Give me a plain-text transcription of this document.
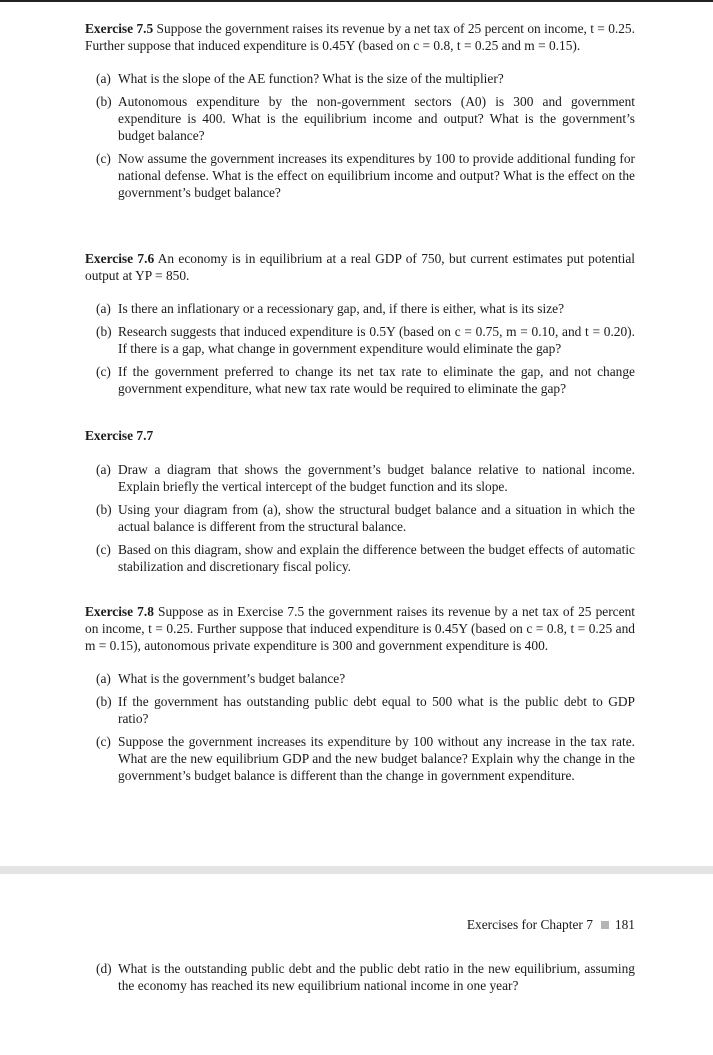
Exercise 7.5 Suppose the government raises its revenue by a net tax of 25 percent on income, t = 0.25. Further suppose that induced expenditure is 0.45Y (based on c = 0.8, t = 0.25 and m = 0.15).

(a) What is the slope of the AE function? What is the size of the multiplier?
(b) Autonomous expenditure by the non-government sectors (A0) is 300 and government expenditure is 400. What is the equilibrium income and output? What is the government’s budget balance?
(c) Now assume the government increases its expenditures by 100 to provide additional funding for national defense. What is the effect on equilibrium income and output? What is the effect on the government’s budget balance?

Exercise 7.6 An economy is in equilibrium at a real GDP of 750, but current estimates put potential output at YP = 850.

(a) Is there an inflationary or a recessionary gap, and, if there is either, what is its size?
(b) Research suggests that induced expenditure is 0.5Y (based on c = 0.75, m = 0.10, and t = 0.20). If there is a gap, what change in government expenditure would eliminate the gap?
(c) If the government preferred to change its net tax rate to eliminate the gap, and not change government expenditure, what new tax rate would be required to eliminate the gap?

Exercise 7.7

(a) Draw a diagram that shows the government’s budget balance relative to national income. Explain briefly the vertical intercept of the budget function and its slope.
(b) Using your diagram from (a), show the structural budget balance and a situation in which the actual balance is different from the structural balance.
(c) Based on this diagram, show and explain the difference between the budget effects of automatic stabilization and discretionary fiscal policy.

Exercise 7.8 Suppose as in Exercise 7.5 the government raises its revenue by a net tax of 25 percent on income, t = 0.25. Further suppose that induced expenditure is 0.45Y (based on c = 0.8, t = 0.25 and m = 0.15), autonomous private expenditure is 300 and government expenditure is 400.

(a) What is the government’s budget balance?
(b) If the government has outstanding public debt equal to 500 what is the public debt to GDP ratio?
(c) Suppose the government increases its expenditure by 100 without any increase in the tax rate. What are the new equilibrium GDP and the new budget balance? Explain why the change in the government’s budget balance is different than the change in government expenditure.
Exercises for Chapter 7 181
(d) What is the outstanding public debt and the public debt ratio in the new equilibrium, assuming the economy has reached its new equilibrium national income in one year?
